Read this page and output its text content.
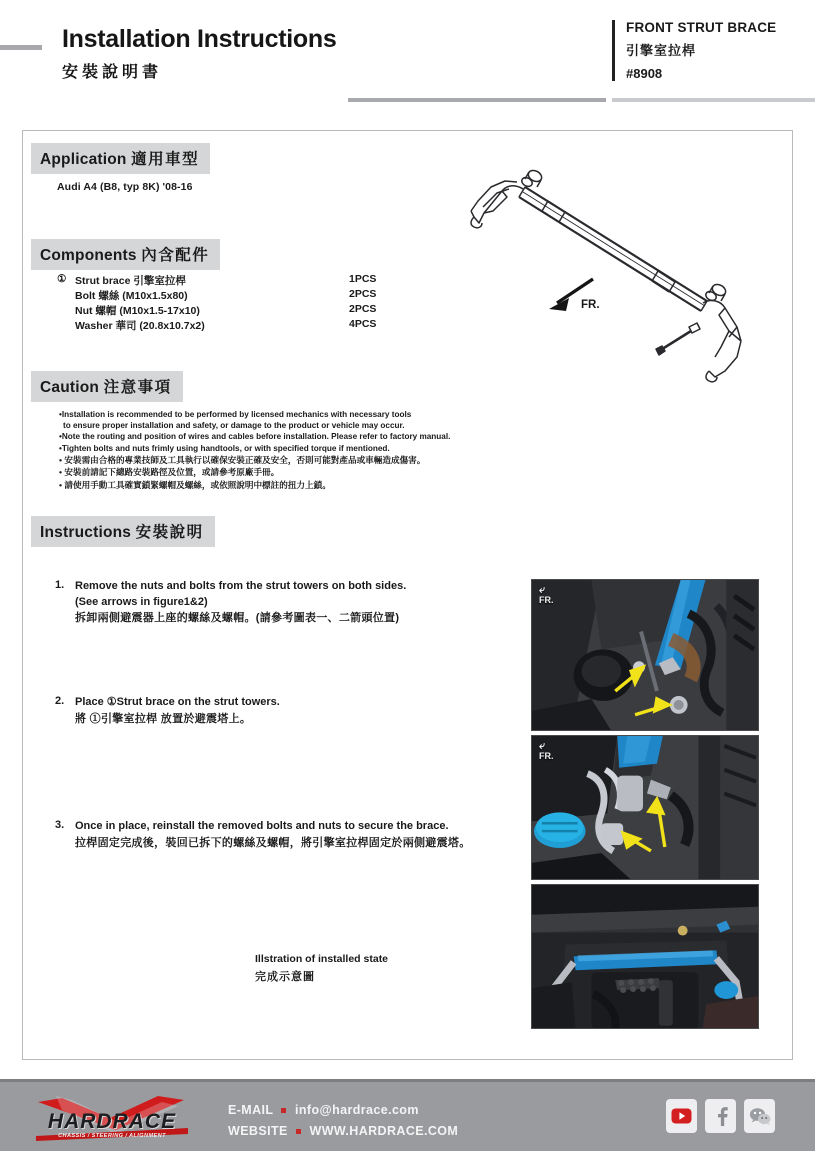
Installation Instructions
安裝說明書
FRONT STRUT BRACE
引擎室拉桿
#8908
Application 適用車型
Audi A4 (B8, typ 8K) '08-16
Components 內含配件
① Strut brace 引擎室拉桿	1PCS
Bolt 螺絲 (M10x1.5x80)	2PCS
Nut 螺帽 (M10x1.5-17x10)	2PCS
Washer 華司 (20.8x10.7x2)	4PCS
Caution 注意事項
•Installation is recommended to be performed by licensed mechanics with necessary tools
to ensure proper installation and safety, or damage to the product or vehicle may occur.
•Note the routing and position of wires and cables before installation. Please refer to factory manual.
•Tighten bolts and nuts frimly using handtools, or with specified torque if mentioned.
• 安裝需由合格的專業技師及工具執行以確保安裝正確及安全，否則可能對產品或車輛造成傷害。
• 安裝前請記下總路安裝路徑及位置，或請參考原廠手冊。
• 請使用手動工具確實鎖緊螺帽及螺絲，或依照說明中標註的扭力上鎖。
Instructions 安裝說明
1. Remove the nuts and bolts from the strut towers on both sides.
(See arrows in figure1&2)
拆卸兩側避震器上座的螺絲及螺帽。(請參考圖表一、二箭頭位置)
2. Place ①Strut brace on the strut towers.
將 ①引擎室拉桿 放置於避震塔上。
3. Once in place, reinstall the removed bolts and nuts to secure the brace.
拉桿固定完成後，裝回已拆下的螺絲及螺帽，將引擎室拉桿固定於兩側避震塔。
Illstration of installed state
完成示意圖
FR.
⤶
FR.
⤶
FR.
HARDRACE
CHASSIS / STEERING / ALIGNMENT
E-MAIL info@hardrace.com
WEBSITE WWW.HARDRACE.COM
